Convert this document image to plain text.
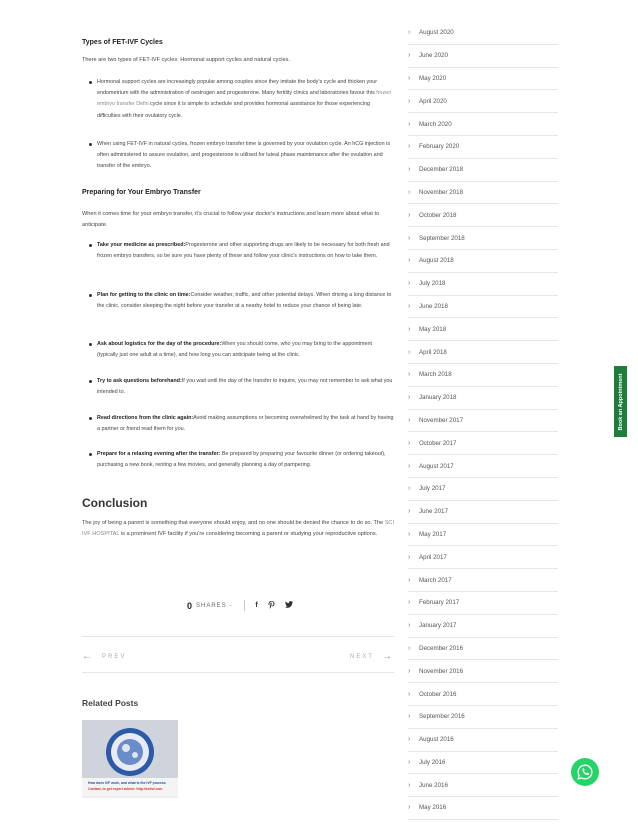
Types of FET-IVF Cycles

There are two types of FET-IVF cycles: Hormonal support cycles and natural cycles.
Hormonal support cycles are increasingly popular among couples since they imitate the body's cycle and thicken your endometrium with the administration of oestrogen and progesterone. Many fertility clinics and laboratories favour this frozen embryo transfer Delhi cycle since it is simple to schedule and provides hormonal assistance for those experiencing difficulties with their ovulatory cycle.
When using FET-IVF in natural cycles, frozen embryo transfer time is governed by your ovulation cycle. An hCG injection is often administered to assure ovulation, and progesterone is utilised for luteal phase maintenance after the ovulation and transfer of the embryo.

Preparing for Your Embryo Transfer

When it comes time for your embryo transfer, it's crucial to follow your doctor's instructions and learn more about what to anticipate.
Take your medicine as prescribed:Progesterone and other supporting drugs are likely to be necessary for both fresh and frozen embryo transfers, so be sure you have plenty of these and follow your clinic's instructions on how to take them.
Plan for getting to the clinic on time:Consider weather, traffic, and other potential delays. When driving a long distance to the clinic, consider sleeping the night before your transfer at a nearby hotel to reduce your chance of being late.
Ask about logistics for the day of the procedure:When you should come, who you may bring to the appointment (typically just one adult at a time), and how long you can anticipate being at the clinic.
Try to ask questions beforehand:If you wait until the day of the transfer to inquire, you may not remember to ask what you intended to.
Read directions from the clinic again:Avoid making assumptions or becoming overwhelmed by the task at hand by having a partner or friend read them for you.
Prepare for a relaxing evening after the transfer: Be prepared by preparing your favourite dinner (or ordering takeout), purchasing a new book, renting a few movies, and generally planning a day of pampering.
Conclusion
The joy of being a parent is something that everyone should enjoy, and no one should be denied the chance to do so. The SCI IVF HOSPITAL is a prominent IVF facility if you're considering becoming a parent or studying your reproductive options.
0 SHARES -	f
← PREV	NEXT →
Related Posts
How does IVF work, and what is the IVF process
Contact, to get expert advice: http://sciivf.com
›	August 2020
›	June 2020
›	May 2020
›	April 2020
›	March 2020
›	February 2020
›	December 2018
›	November 2018
›	October 2018
›	September 2018
›	August 2018
›	July 2018
›	June 2018
›	May 2018
›	April 2018
›	March 2018
›	January 2018
›	November 2017
›	October 2017
›	August 2017
›	July 2017
›	June 2017
›	May 2017
›	April 2017
›	March 2017
›	February 2017
›	January 2017
›	December 2016
›	November 2016
›	October 2016
›	September 2016
›	August 2016
›	July 2016
›	June 2016
›	May 2016
Book an Appointment
